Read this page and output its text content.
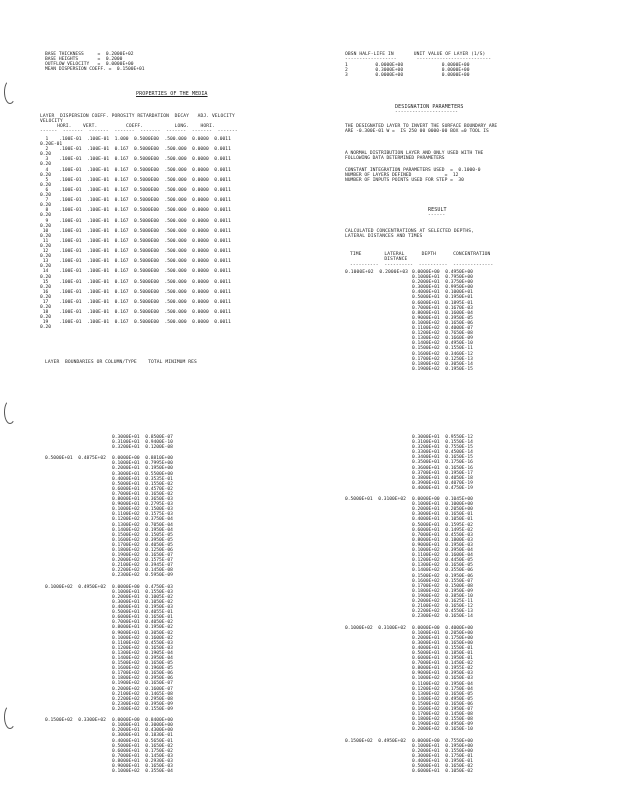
BASE THICKNESS     =  0.2000E+02
BASE HEIGHTS       =  0.2000
OUTFLOW VELOCITY   =  0.0000E+00
MEAN DISPERSION COEFF. =  0.1500E+01
OBSN HALF-LIFE IN       UNIT VALUE OF LAYER (1/S)
------------------       --------------------------
1          0.0000E+00              0.0000E+00
2          0.3000E+00              0.0000E+00
3          0.0000E+00              0.0000E+00
PROPERTIES OF THE MEDIA
LAYER  DISPERSION COEFF. POROSITY RETARDATION  DECAY   ADJ. VELOCITY
VELOCITY
HORI.    VERT.          COEFF.           LONG.    HORI.
------  -------  -------  -------  -------  -------  -------  -------
1    .100E-01  .100E-01  1.000  0.5000E00  .500.000  0.0000  0.0011
0.20E-01
2    .100E-01  .100E-01  0.167  0.5000E00  .500.000  0.0000  0.0011
0.20
3    .100E-01  .100E-01  0.167  0.5000E00  .500.000  0.0000  0.0011
0.20
4    .100E-01  .100E-01  0.167  0.5000E00  .500.000  0.0000  0.0011
0.20
5    .100E-01  .100E-01  0.167  0.5000E00  .500.000  0.0000  0.0011
0.20
6    .100E-01  .100E-01  0.167  0.5000E00  .500.000  0.0000  0.0011
0.20
7    .100E-01  .100E-01  0.167  0.5000E00  .500.000  0.0000  0.0011
0.20
8    .100E-01  .100E-01  0.167  0.5000E00  .500.000  0.0000  0.0011
0.20
9    .100E-01  .100E-01  0.167  0.5000E00  .500.000  0.0000  0.0011
0.20
10    .100E-01  .100E-01  0.167  0.5000E00  .500.000  0.0000  0.0011
0.20
11    .100E-01  .100E-01  0.167  0.5000E00  .500.000  0.0000  0.0011
0.20
12    .100E-01  .100E-01  0.167  0.5000E00  .500.000  0.0000  0.0011
0.20
13    .100E-01  .100E-01  0.167  0.5000E00  .500.000  0.0000  0.0011
0.20
14    .100E-01  .100E-01  0.167  0.5000E00  .500.000  0.0000  0.0011
0.20
15    .100E-01  .100E-01  0.167  0.5000E00  .500.000  0.0000  0.0011
0.20
16    .100E-01  .100E-01  0.167  0.5000E00  .500.000  0.0000  0.0011
0.20
17    .100E-01  .100E-01  0.167  0.5000E00  .500.000  0.0000  0.0011
0.20
18    .100E-01  .100E-01  0.167  0.5000E00  .500.000  0.0000  0.0011
0.20
19    .100E-01  .100E-01  0.167  0.5000E00  .500.000  0.0000  0.0011
0.20
LAYER  BOUNDARIES OR COLUMN/TYPE    TOTAL MINIMUM RES
DESIGNATION PARAMETERS
----------------------
THE DESIGNATED LAYER TO INVERT THE SURFACE BOUNDARY ARE
ARE -0.300E-01 W =  IS 250 00 0000-00 BOX =0 TOOL IS
A NORMAL DISTRIBUTION LAYER AND ONLY USED WITH THE
FOLLOWING DATA DETERMINED PARAMETERS
CONSTANT INTEGRATION PARAMETERS USED  =  0.1000-0
NUMBER OF LAYERS DEFINED            =  12
NUMBER OF INPUTS POINTS USED FOR STEP =  30
RESULT
------
CALCULATED CONCENTRATIONS AT SELECTED DEPTHS,
LATERAL DISTANCES AND TIMES
TIME        LATERAL      DEPTH      CONCENTRATION
DISTANCE
----------  ----------  ----------  --------------
0.1000E+02  0.2000E+03 0.0000E+00  0.4950E+00
0.1000E+01  0.7950E+00
0.2000E+01  0.3750E+00
0.3000E+01  0.9950E+00
0.4000E+01  0.1000E+01
0.5000E+01  0.1950E+01
0.6000E+01  0.1895E-01
0.7000E+01  0.1670E-03
0.8000E+01  0.1600E-04
0.9000E+01  0.3950E-05
0.1000E+02  0.1650E-06
0.1100E+02  0.4000E-07
0.1200E+02  0.7650E-08
0.1300E+02  0.1660E-09
0.1400E+02  0.4950E-10
0.1500E+02  0.1550E-11
0.1600E+02  0.3460E-12
0.1700E+02  0.1250E-13
0.1800E+02  0.3050E-14
0.1900E+02  0.1950E-15
0.3000E+01  0.8500E-07
0.3100E+01  0.9400E-10
0.3200E+01  0.1200E-08
0.5000E+01  0.4875E+02 0.0000E+00  0.8810E+00
0.1000E+01  0.7995E+00
0.2000E+01  0.1950E+00
0.3000E+01  0.5500E+00
0.4000E+01  0.3535E-01
0.5000E+01  0.1550E-02
0.6000E+01  0.4570E-02
0.7000E+01  0.1650E-02
0.8000E+01  0.3650E-03
0.9000E+01  0.2795E-03
0.1000E+02  0.1500E-03
0.1100E+02  0.1575E-03
0.1200E+02  0.3750E-04
0.1300E+02  0.7050E-04
0.1400E+02  0.1950E-04
0.1500E+02  0.1505E-05
0.1600E+02  0.3950E-05
0.1700E+02  0.4050E-05
0.1800E+02  0.1250E-06
0.1900E+02  0.1650E-07
0.2000E+02  0.1575E-07
0.2100E+02  0.3945E-07
0.2200E+02  0.1450E-08
0.2300E+02  0.5950E-09
0.1000E+02  0.4950E+02 0.0000E+00  0.4750E-03
0.1000E+01  0.1550E-03
0.2000E+01  0.1005E-02
0.3000E+01  0.1050E-02
0.4000E+01  0.1950E-03
0.5000E+01  0.4055E-01
0.6000E+01  0.1650E-01
0.7000E+01  0.4050E-02
0.8000E+01  0.1950E-02
0.9000E+01  0.3050E-02
0.1000E+02  0.1600E-02
0.1100E+02  0.4550E-03
0.1200E+02  0.1650E-03
0.1300E+02  0.1905E-04
0.1400E+02  0.3950E-04
0.1500E+02  0.1650E-05
0.1600E+02  0.1960E-05
0.1700E+02  0.1650E-06
0.1800E+02  0.3950E-06
0.1900E+02  0.1650E-07
0.2000E+02  0.1600E-07
0.2100E+02  0.1465E-08
0.2200E+02  0.2950E-08
0.2300E+02  0.3950E-09
0.2400E+02  0.1550E-09
0.1500E+02  0.3300E+02 0.0000E+00  0.8400E+00
0.1000E+01  0.3000E+00
0.2000E+01  0.4300E+00
0.3000E+01  0.1830E-01
0.4000E+01  0.5650E-01
0.5000E+01  0.1650E-02
0.6000E+01  0.1750E-02
0.7000E+01  0.1450E-03
0.8000E+01  0.2930E-03
0.9000E+01  0.1650E-03
0.1000E+02  0.3550E-04
0.3000E+01  0.9550E-12
0.3100E+01  0.1550E-14
0.3200E+01  0.7550E-15
0.3300E+01  0.4500E-14
0.3400E+01  0.1650E-15
0.3500E+01  0.1750E-16
0.3600E+01  0.1650E-16
0.3700E+01  0.1950E-17
0.3800E+01  0.4050E-18
0.3900E+01  0.4070E-19
0.4000E+01  0.4750E-19
0.5000E+01  0.3100E+02 0.0000E+00  0.1045E+00
0.1000E+01  0.1000E+00
0.2000E+01  0.2050E+00
0.3000E+01  0.1650E-01
0.4000E+01  0.1050E-01
0.5000E+01  0.1595E-02
0.6000E+01  0.1495E-02
0.7000E+01  0.4550E-03
0.8000E+01  0.1800E-03
0.9000E+01  0.1950E-03
0.1000E+02  0.3950E-04
0.1100E+02  0.1600E-04
0.1200E+02  0.4450E-05
0.1300E+02  0.1650E-05
0.1400E+02  0.3550E-06
0.1500E+02  0.1950E-06
0.1600E+02  0.1550E-07
0.1700E+02  0.1500E-08
0.1800E+02  0.1950E-09
0.1900E+02  0.3850E-10
0.2000E+02  0.1625E-11
0.2100E+02  0.1650E-12
0.2200E+02  0.4550E-13
0.2300E+02  0.1650E-14
0.1000E+02  0.3100E+02 0.0000E+00  0.4000E+00
0.1000E+01  0.2050E+00
0.2000E+01  0.1750E+00
0.3000E+01  0.1650E+00
0.4000E+01  0.1550E-01
0.5000E+01  0.1850E-01
0.6000E+01  0.1950E-01
0.7000E+01  0.1450E-02
0.8000E+01  0.1955E-02
0.9000E+01  0.3950E-03
0.1000E+02  0.1650E-03
0.1100E+02  0.1950E-04
0.1200E+02  0.1750E-04
0.1300E+02  0.1650E-05
0.1400E+02  0.4950E-05
0.1500E+02  0.1650E-06
0.1600E+02  0.1950E-07
0.1700E+02  0.1450E-08
0.1800E+02  0.1550E-08
0.1900E+02  0.4950E-09
0.2000E+02  0.1650E-10
0.1500E+02  0.4950E+02 0.0000E+00  0.7550E+00
0.1000E+01  0.1950E+00
0.2000E+01  0.1550E+00
0.3000E+01  0.1750E-01
0.4000E+01  0.1950E-01
0.5000E+01  0.1650E-02
0.6000E+01  0.1050E-02
